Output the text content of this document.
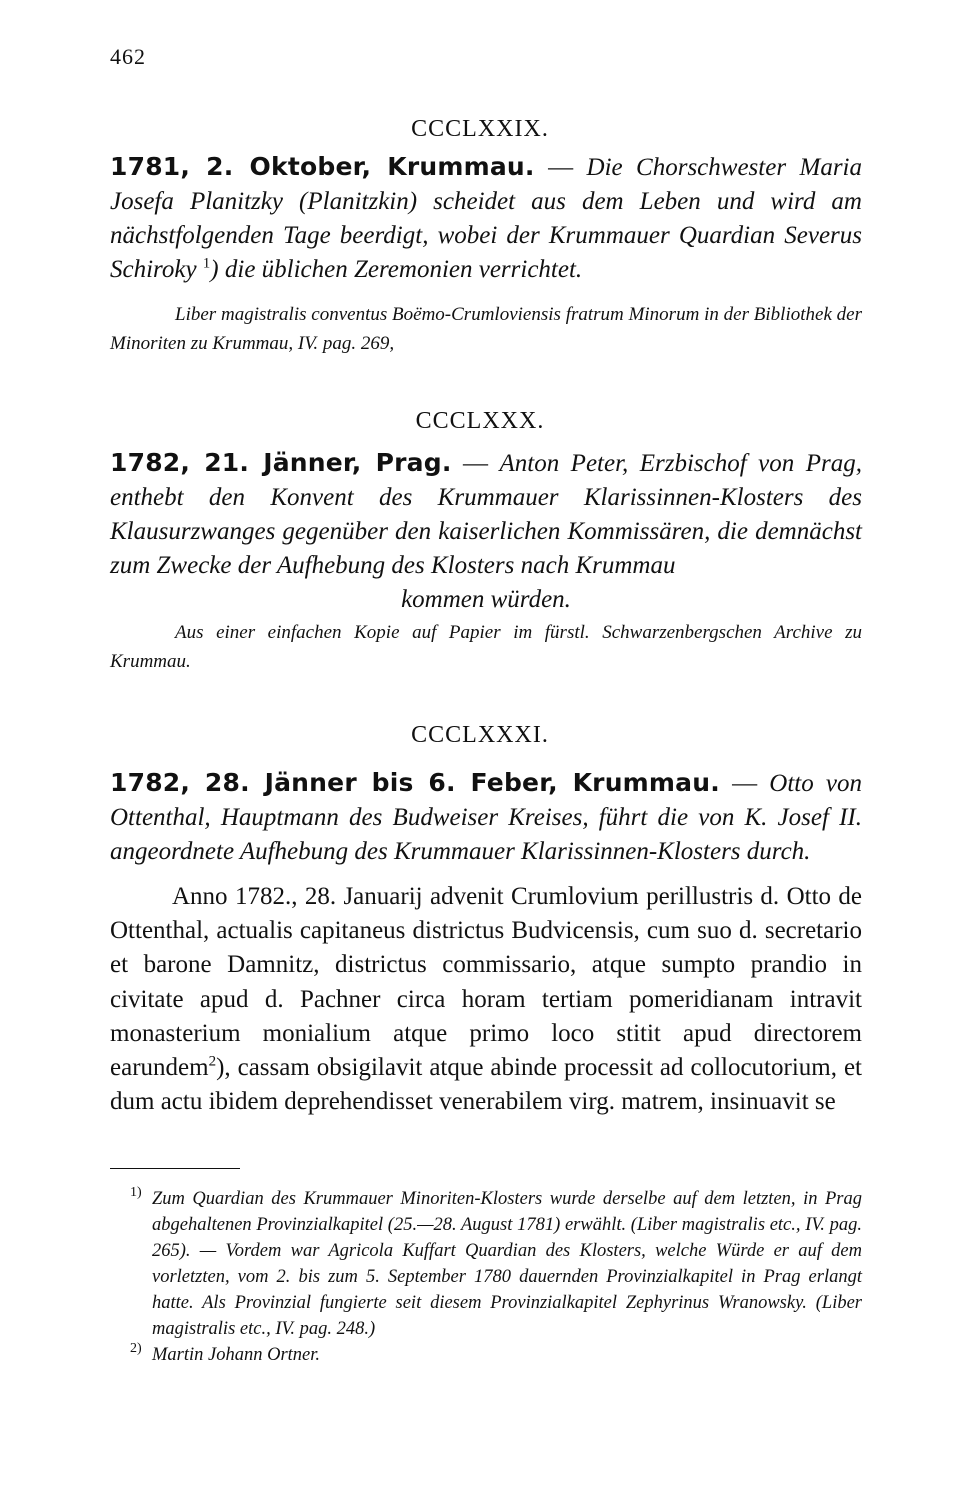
462
CCCLXXIX.
1781, 2. Oktober, Krummau. — Die Chorschwester Maria Josefa Planitzky (Planitzkin) scheidet aus dem Leben und wird am nächstfolgenden Tage beerdigt, wobei der Krummauer Quardian Severus Schiroky $^1$) die üblichen Zeremonien verrichtet.
Liber magistralis conventus Boëmo-Crumloviensis fratrum Minorum in der Bibliothek der Minoriten zu Krummau, IV. pag. 269,
CCCLXXX.
1782, 21. Jänner, Prag. — Anton Peter, Erzbischof von Prag, enthebt den Konvent des Krummauer Klarissinnen-Klosters des Klausurzwanges gegenüber den kaiserlichen Kommissären, die demnächst zum Zwecke der Aufhebung des Klosters nach Krummau
kommen würden.
Aus einer einfachen Kopie auf Papier im fürstl. Schwarzenbergschen Archive zu Krummau.
CCCLXXXI.
1782, 28. Jänner bis 6. Feber, Krummau. — Otto von Ottenthal, Hauptmann des Budweiser Kreises, führt die von K. Josef II. angeordnete Aufhebung des Krummauer Klarissinnen-Klosters durch.

Anno 1782., 28. Januarij advenit Crumlovium perillustris d. Otto de Ottenthal, actualis capitaneus districtus Budvicensis, cum suo d. secretario et barone Damnitz, districtus commissario, atque sumpto prandio in civitate apud d. Pachner circa horam tertiam pomeridianam intravit monasterium monialium atque primo loco stitit apud directorem earundem$^2$), cassam obsigilavit atque abinde processit ad collocutorium, et dum actu ibidem deprehendisset venerabilem virg. matrem, insinuavit se

1) Zum Quardian des Krummauer Minoriten-Klosters wurde derselbe auf dem letzten, in Prag abgehaltenen Provinzialkapitel (25.—28. August 1781) erwählt. (Liber magistralis etc., IV. pag. 265). — Vordem war Agricola Kuffart Quardian des Klosters, welche Würde er auf dem vorletzten, vom 2. bis zum 5. September 1780 dauernden Provinzialkapitel in Prag erlangt hatte. Als Provinzial fungierte seit diesem Provinzialkapitel Zephyrinus Wranowsky. (Liber magistralis etc., IV. pag. 248.)
2) Martin Johann Ortner.
